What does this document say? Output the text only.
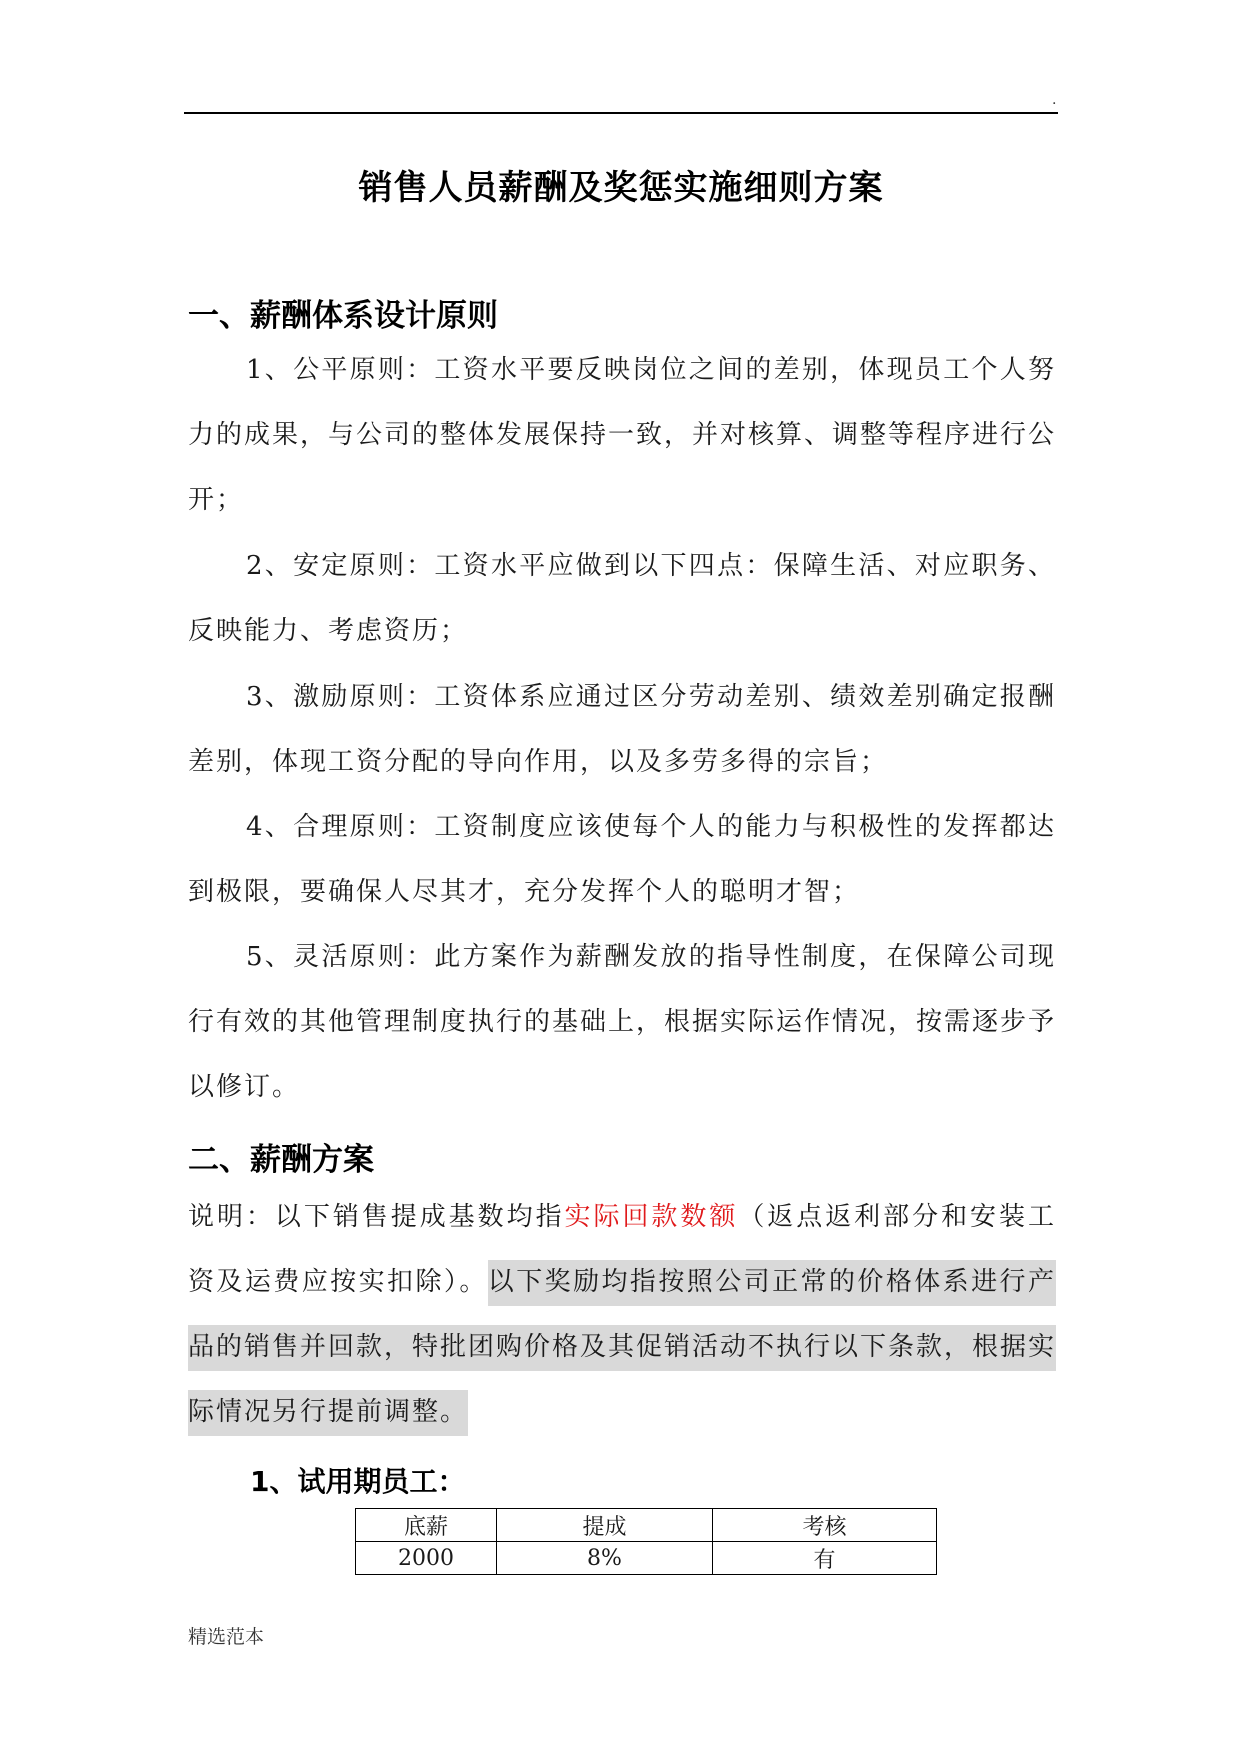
.
销售人员薪酬及奖惩实施细则方案
一、薪酬体系设计原则

1、公平原则：工资水平要反映岗位之间的差别，体现员工个人努力的成果，与公司的整体发展保持一致，并对核算、调整等程序进行公开；

2、安定原则：工资水平应做到以下四点：保障生活、对应职务、反映能力、考虑资历；

3、激励原则：工资体系应通过区分劳动差别、绩效差别确定报酬差别，体现工资分配的导向作用，以及多劳多得的宗旨；

4、合理原则：工资制度应该使每个人的能力与积极性的发挥都达到极限，要确保人尽其才，充分发挥个人的聪明才智；

5、灵活原则：此方案作为薪酬发放的指导性制度，在保障公司现行有效的其他管理制度执行的基础上，根据实际运作情况，按需逐步予以修订。

二、薪酬方案

说明：以下销售提成基数均指实际回款数额（返点返利部分和安装工资及运费应按实扣除）。以下奖励均指按照公司正常的价格体系进行产品的销售并回款，特批团购价格及其促销活动不执行以下条款，根据实际情况另行提前调整。

1、试用期员工：
底薪	提成	考核
2000	8%	有
精选范本
